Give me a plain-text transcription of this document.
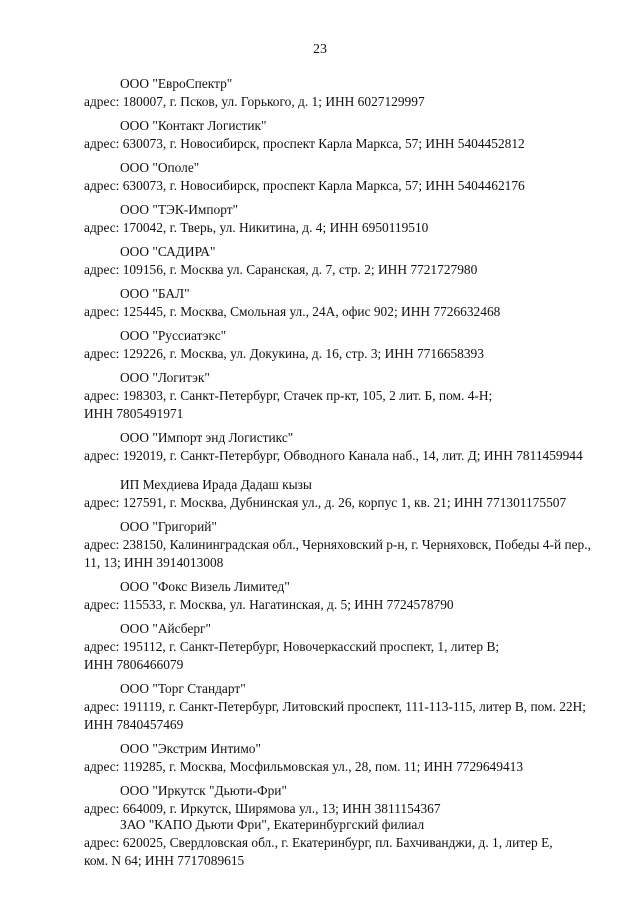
23
ООО "ЕвроСпектр"
адрес: 180007, г. Псков, ул. Горького, д. 1; ИНН 6027129997
ООО "Контакт Логистик"
адрес: 630073, г. Новосибирск, проспект Карла Маркса, 57; ИНН 5404452812
ООО "Ополе"
адрес: 630073, г. Новосибирск, проспект Карла Маркса, 57; ИНН 5404462176
ООО "ТЭК-Импорт"
адрес: 170042, г. Тверь, ул. Никитина, д. 4; ИНН 6950119510
ООО "САДИРА"
адрес: 109156, г. Москва ул. Саранская, д. 7, стр. 2; ИНН 7721727980
ООО "БАЛ"
адрес: 125445, г. Москва, Смольная ул., 24А, офис 902; ИНН 7726632468
ООО "Руссиатэкс"
адрес: 129226, г. Москва, ул. Докукина, д. 16, стр. 3; ИНН 7716658393
ООО "Логитэк"
адрес: 198303, г. Санкт-Петербург, Стачек пр-кт, 105, 2 лит. Б, пом. 4-Н;
ИНН 7805491971
ООО "Импорт энд Логистикс"
адрес: 192019, г. Санкт-Петербург, Обводного Канала наб., 14, лит. Д; ИНН 7811459944
ИП Мехдиева Ирада Дадаш кызы
адрес: 127591, г. Москва, Дубнинская ул., д. 26, корпус 1, кв. 21; ИНН 771301175507
ООО "Григорий"
адрес: 238150, Калининградская обл., Черняховский р-н, г. Черняховск, Победы 4-й пер.,
11, 13; ИНН 3914013008
ООО "Фокс Визель Лимитед"
адрес: 115533, г. Москва, ул. Нагатинская, д. 5; ИНН 7724578790
ООО "Айсберг"
адрес: 195112, г. Санкт-Петербург, Новочеркасский проспект, 1, литер В;
ИНН 7806466079
ООО "Торг Стандарт"
адрес: 191119, г. Санкт-Петербург, Литовский проспект, 111-113-115, литер В, пом. 22Н;
ИНН 7840457469
ООО "Экстрим Интимо"
адрес: 119285, г. Москва, Мосфильмовская ул., 28, пом. 11; ИНН 7729649413
ООО "Иркутск "Дьюти-Фри"
адрес: 664009, г. Иркутск, Ширямова ул., 13; ИНН 3811154367
ЗАО "КАПО Дьюти Фри", Екатеринбургский филиал
адрес: 620025, Свердловская обл., г. Екатеринбург, пл. Бахчиванджи, д. 1, литер Е,
ком. N 64; ИНН 7717089615
